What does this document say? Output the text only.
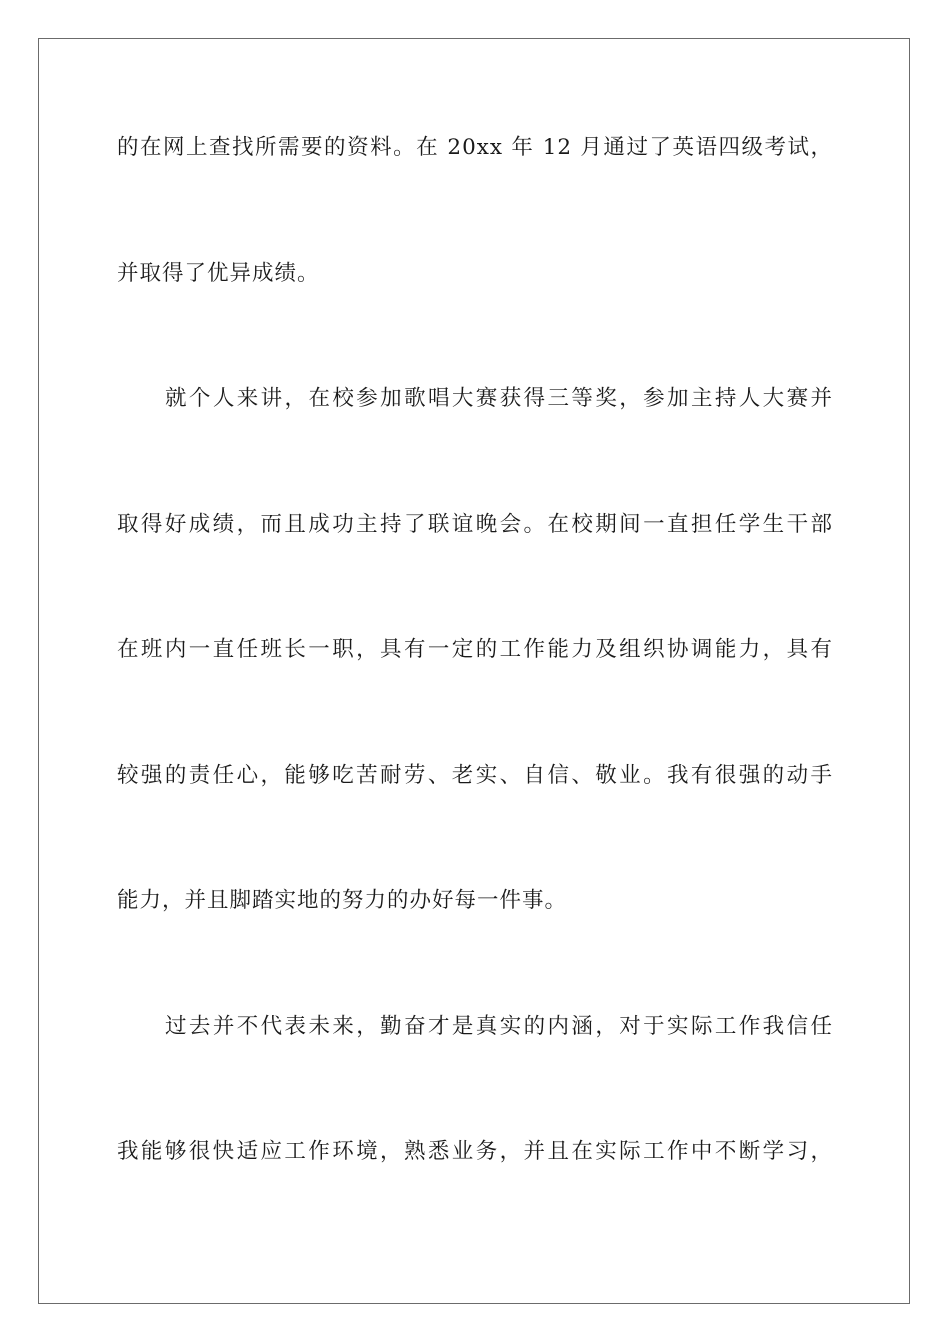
的在网上查找所需要的资料。在 20xx 年 12 月通过了英语四级考试，
并取得了优异成绩。
就个人来讲，在校参加歌唱大赛获得三等奖，参加主持人大赛并
取得好成绩，而且成功主持了联谊晚会。在校期间一直担任学生干部
在班内一直任班长一职，具有一定的工作能力及组织协调能力，具有
较强的责任心，能够吃苦耐劳、老实、自信、敬业。我有很强的动手
能力，并且脚踏实地的努力的办好每一件事。
过去并不代表未来，勤奋才是真实的内涵，对于实际工作我信任
我能够很快适应工作环境，熟悉业务，并且在实际工作中不断学习，
